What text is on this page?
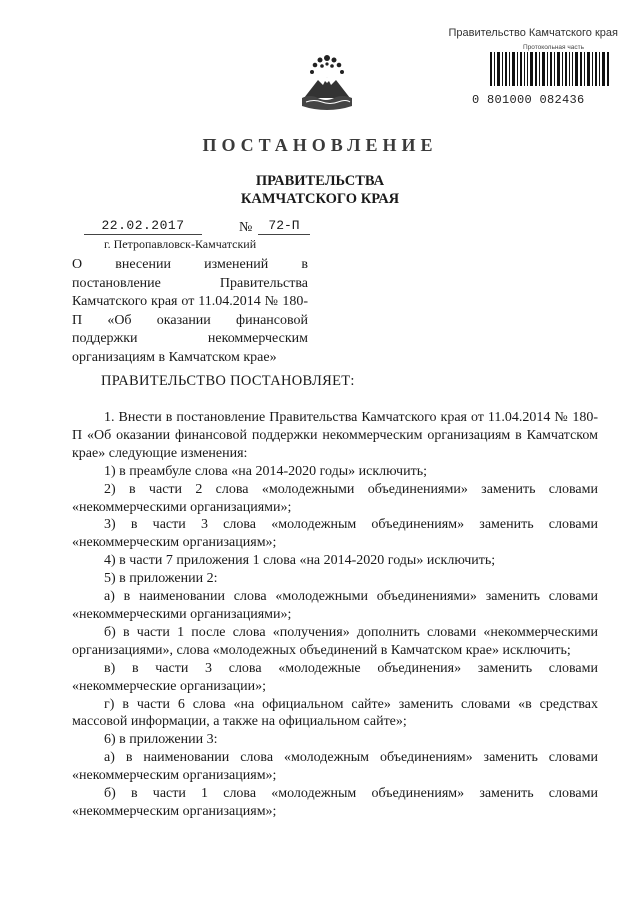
Правительство Камчатского края
Протокольная часть
0 801000 082436
ПОСТАНОВЛЕНИЕ
ПРАВИТЕЛЬСТВА
КАМЧАТСКОГО КРАЯ
22.02.2017	№	72-П
г. Петропавловск-Камчатский
О внесении изменений в постановление Правительства Камчатского края от 11.04.2014 № 180-П «Об оказании финансовой поддержки некоммерческим организациям в Камчатском крае»
ПРАВИТЕЛЬСТВО ПОСТАНОВЛЯЕТ:

1. Внести в постановление Правительства Камчатского края от 11.04.2014 № 180-П «Об оказании финансовой поддержки некоммерческим организациям в Камчатском крае» следующие изменения:

1) в преамбуле слова «на 2014-2020 годы» исключить;

2) в части 2 слова «молодежными объединениями» заменить словами «некоммерческими организациями»;

3) в части 3 слова «молодежным объединениям» заменить словами «некоммерческим организациям»;

4) в части 7 приложения 1 слова «на 2014-2020 годы» исключить;

5) в приложении 2:

а) в наименовании слова «молодежными объединениями» заменить словами «некоммерческими организациями»;

б) в части 1 после слова «получения» дополнить словами «некоммерческими организациями», слова «молодежных объединений в Камчатском крае» исключить;

в) в части 3 слова «молодежные объединения» заменить словами «некоммерческие организации»;

г) в части 6 слова «на официальном сайте» заменить словами «в средствах массовой информации, а также на официальном сайте»;

6) в приложении 3:

а) в наименовании слова «молодежным объединениям» заменить словами «некоммерческим организациям»;

б) в части 1 слова «молодежным объединениям» заменить словами «некоммерческим организациям»;
